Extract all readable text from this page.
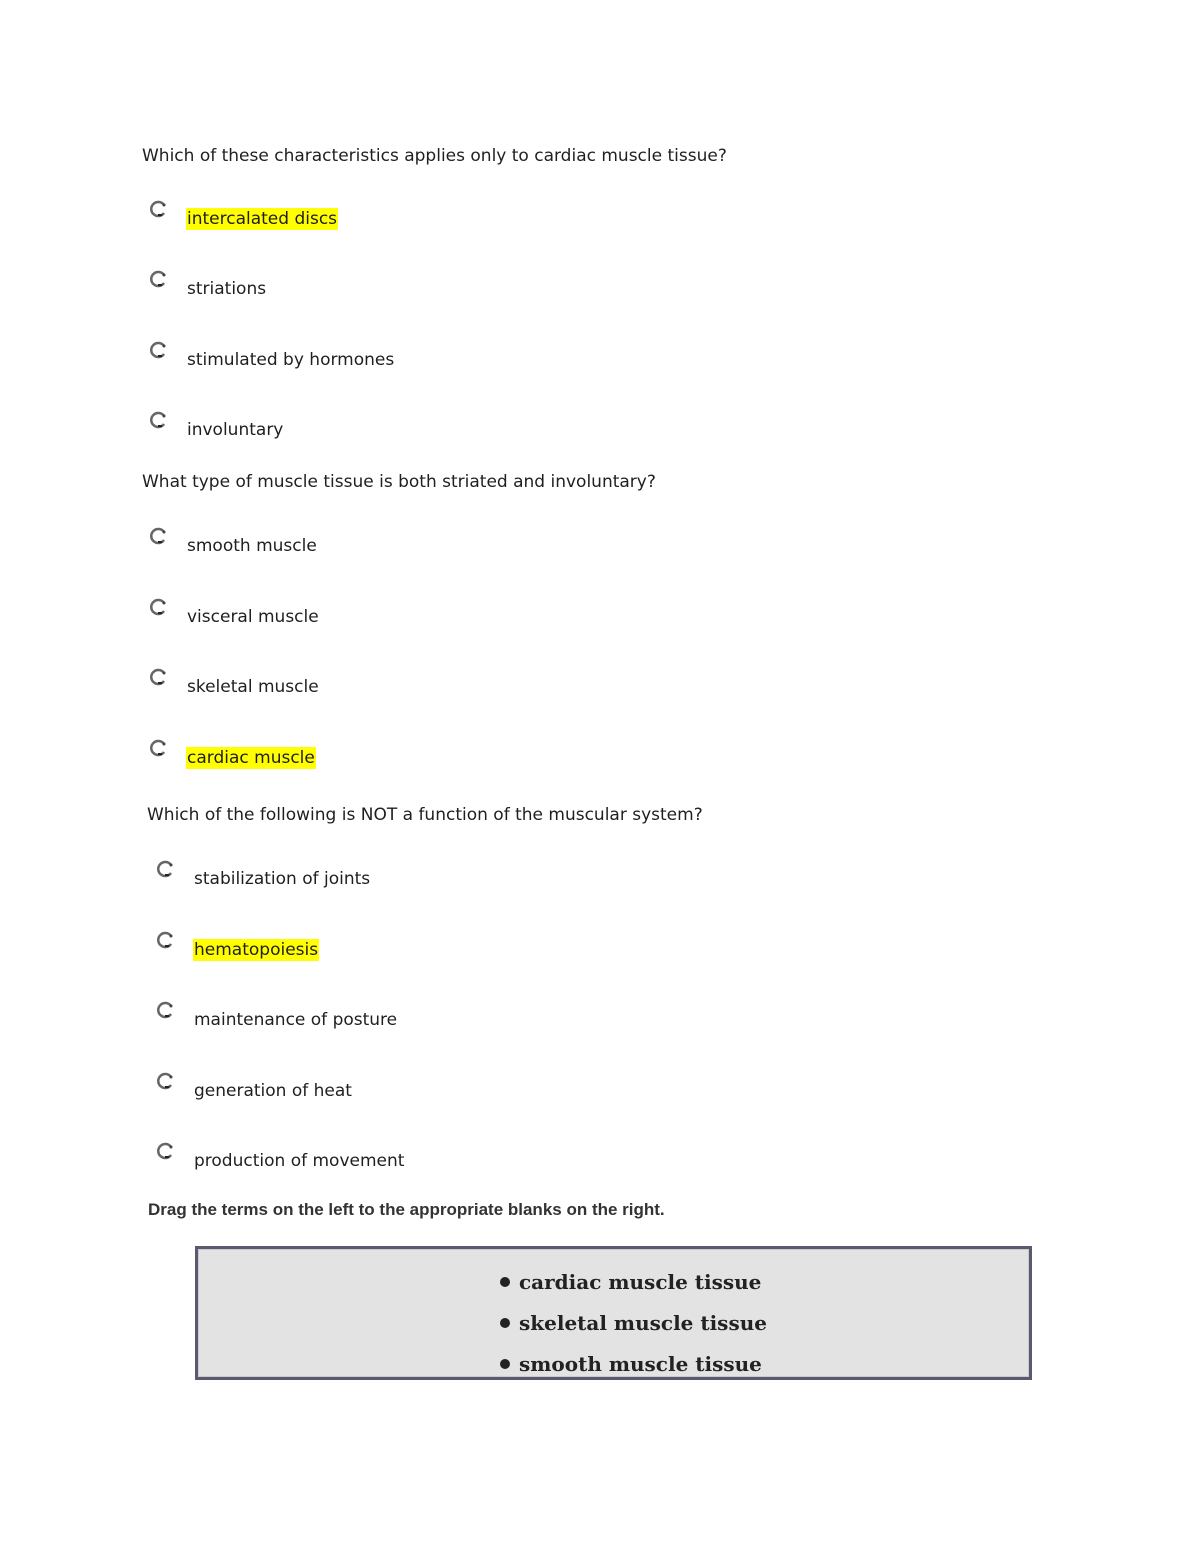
Which of these characteristics applies only to cardiac muscle tissue?
intercalated discs
striations
stimulated by hormones
involuntary
What type of muscle tissue is both striated and involuntary?
smooth muscle
visceral muscle
skeletal muscle
cardiac muscle
Which of the following is NOT a function of the muscular system?
stabilization of joints
hematopoiesis
maintenance of posture
generation of heat
production of movement
Drag the terms on the left to the appropriate blanks on the right.
cardiac muscle tissue
skeletal muscle tissue
smooth muscle tissue
